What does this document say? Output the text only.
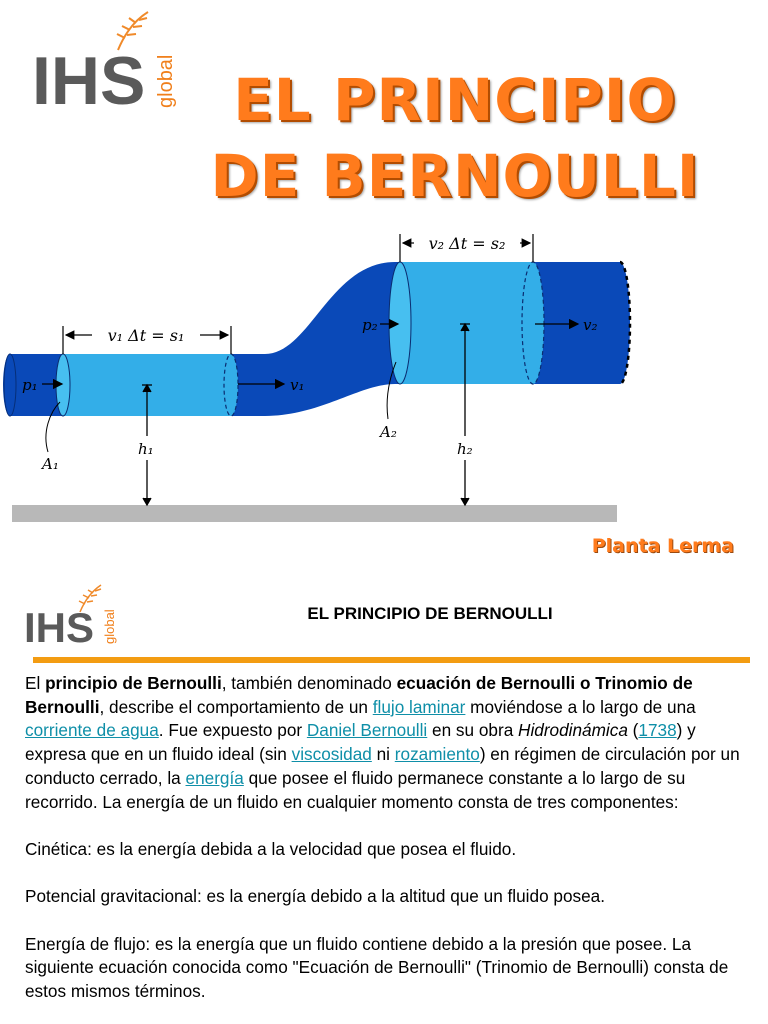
IHS global EL PRINCIPIO
DE BERNOULLI
v₁ Δt = s₁
v₂ Δt = s₂
p₁
p₂
v₁
v₂
A₁
A₂
h₁	h₂
Planta Lerma
IHS global	EL PRINCIPIO DE BERNOULLI

El principio de Bernoulli, también denominado ecuación de Bernoulli o Trinomio de Bernoulli, describe el comportamiento de un flujo laminar moviéndose a lo largo de una corriente de agua. Fue expuesto por Daniel Bernoulli en su obra Hidrodinámica (1738) y expresa que en un fluido ideal (sin viscosidad ni rozamiento) en régimen de circulación por un conducto cerrado, la energía que posee el fluido permanece constante a lo largo de su recorrido. La energía de un fluido en cualquier momento consta de tres componentes:

Cinética: es la energía debida a la velocidad que posea el fluido.

Potencial gravitacional: es la energía debido a la altitud que un fluido posea.

Energía de flujo: es la energía que un fluido contiene debido a la presión que posee. La siguiente ecuación conocida como "Ecuación de Bernoulli" (Trinomio de Bernoulli) consta de estos mismos términos.
